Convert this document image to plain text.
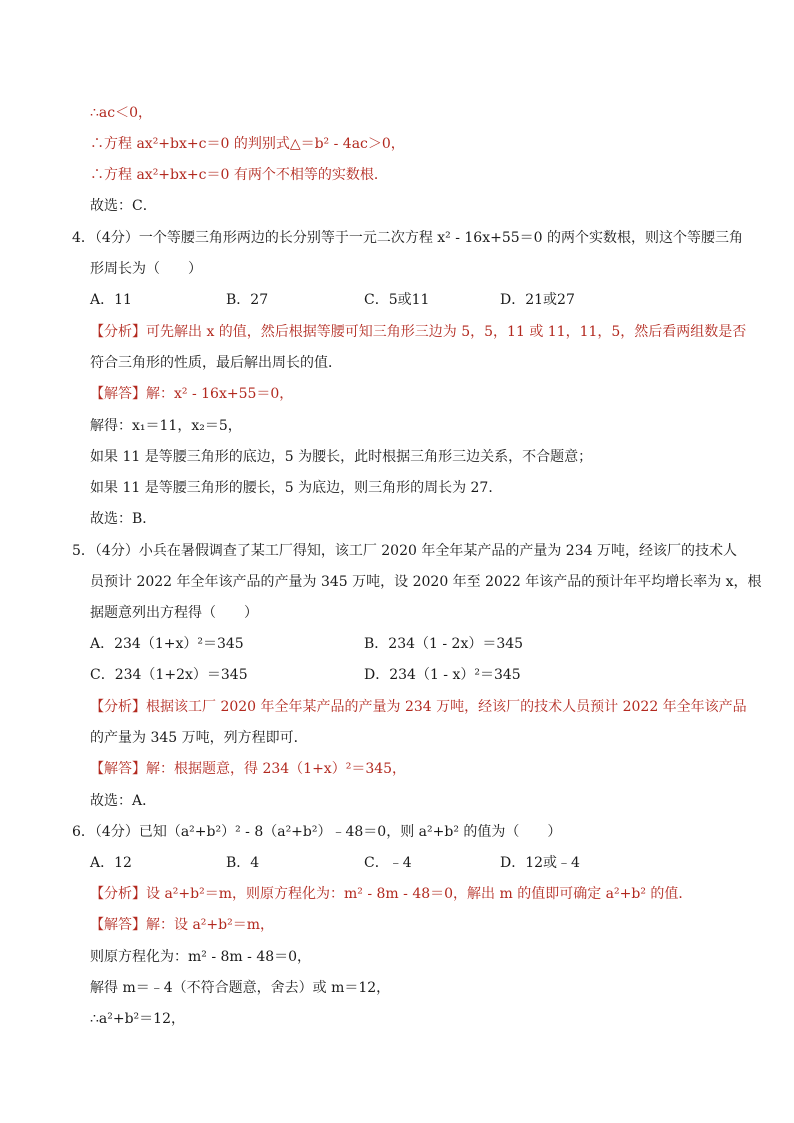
∴ac＜0，
∴方程 ax²+bx+c＝0 的判别式△＝b² - 4ac＞0，
∴方程 ax²+bx+c＝0 有两个不相等的实数根．
故选：C．
4．（4分）一个等腰三角形两边的长分别等于一元二次方程 x² - 16x+55＝0 的两个实数根，则这个等腰三角
形周长为（　　）
A．11	B．27	C．5或11	D．21或27
【分析】可先解出 x 的值，然后根据等腰可知三角形三边为 5，5，11 或 11，11，5，然后看两组数是否
符合三角形的性质，最后解出周长的值．
【解答】解：x² - 16x+55＝0，
解得：x₁＝11，x₂＝5，
如果 11 是等腰三角形的底边，5 为腰长，此时根据三角形三边关系，不合题意；
如果 11 是等腰三角形的腰长，5 为底边，则三角形的周长为 27．
故选：B．
5．（4分）小兵在暑假调查了某工厂得知，该工厂 2020 年全年某产品的产量为 234 万吨，经该厂的技术人
员预计 2022 年全年该产品的产量为 345 万吨，设 2020 年至 2022 年该产品的预计年平均增长率为 x，根
据题意列出方程得（　　）
A．234（1+x）²＝345	B．234（1 - 2x）＝345
C．234（1+2x）＝345	D．234（1 - x）²＝345
【分析】根据该工厂 2020 年全年某产品的产量为 234 万吨，经该厂的技术人员预计 2022 年全年该产品
的产量为 345 万吨，列方程即可．
【解答】解：根据题意，得 234（1+x）²＝345，
故选：A．
6．（4分）已知（a²+b²）² - 8（a²+b²）﹣48＝0，则 a²+b² 的值为（　　）
A．12	B．4	C．﹣4	D．12或﹣4
【分析】设 a²+b²＝m，则原方程化为：m² - 8m - 48＝0，解出 m 的值即可确定 a²+b² 的值．
【解答】解：设 a²+b²＝m，
则原方程化为：m² - 8m - 48＝0，
解得 m＝﹣4（不符合题意，舍去）或 m＝12，
∴a²+b²＝12，
